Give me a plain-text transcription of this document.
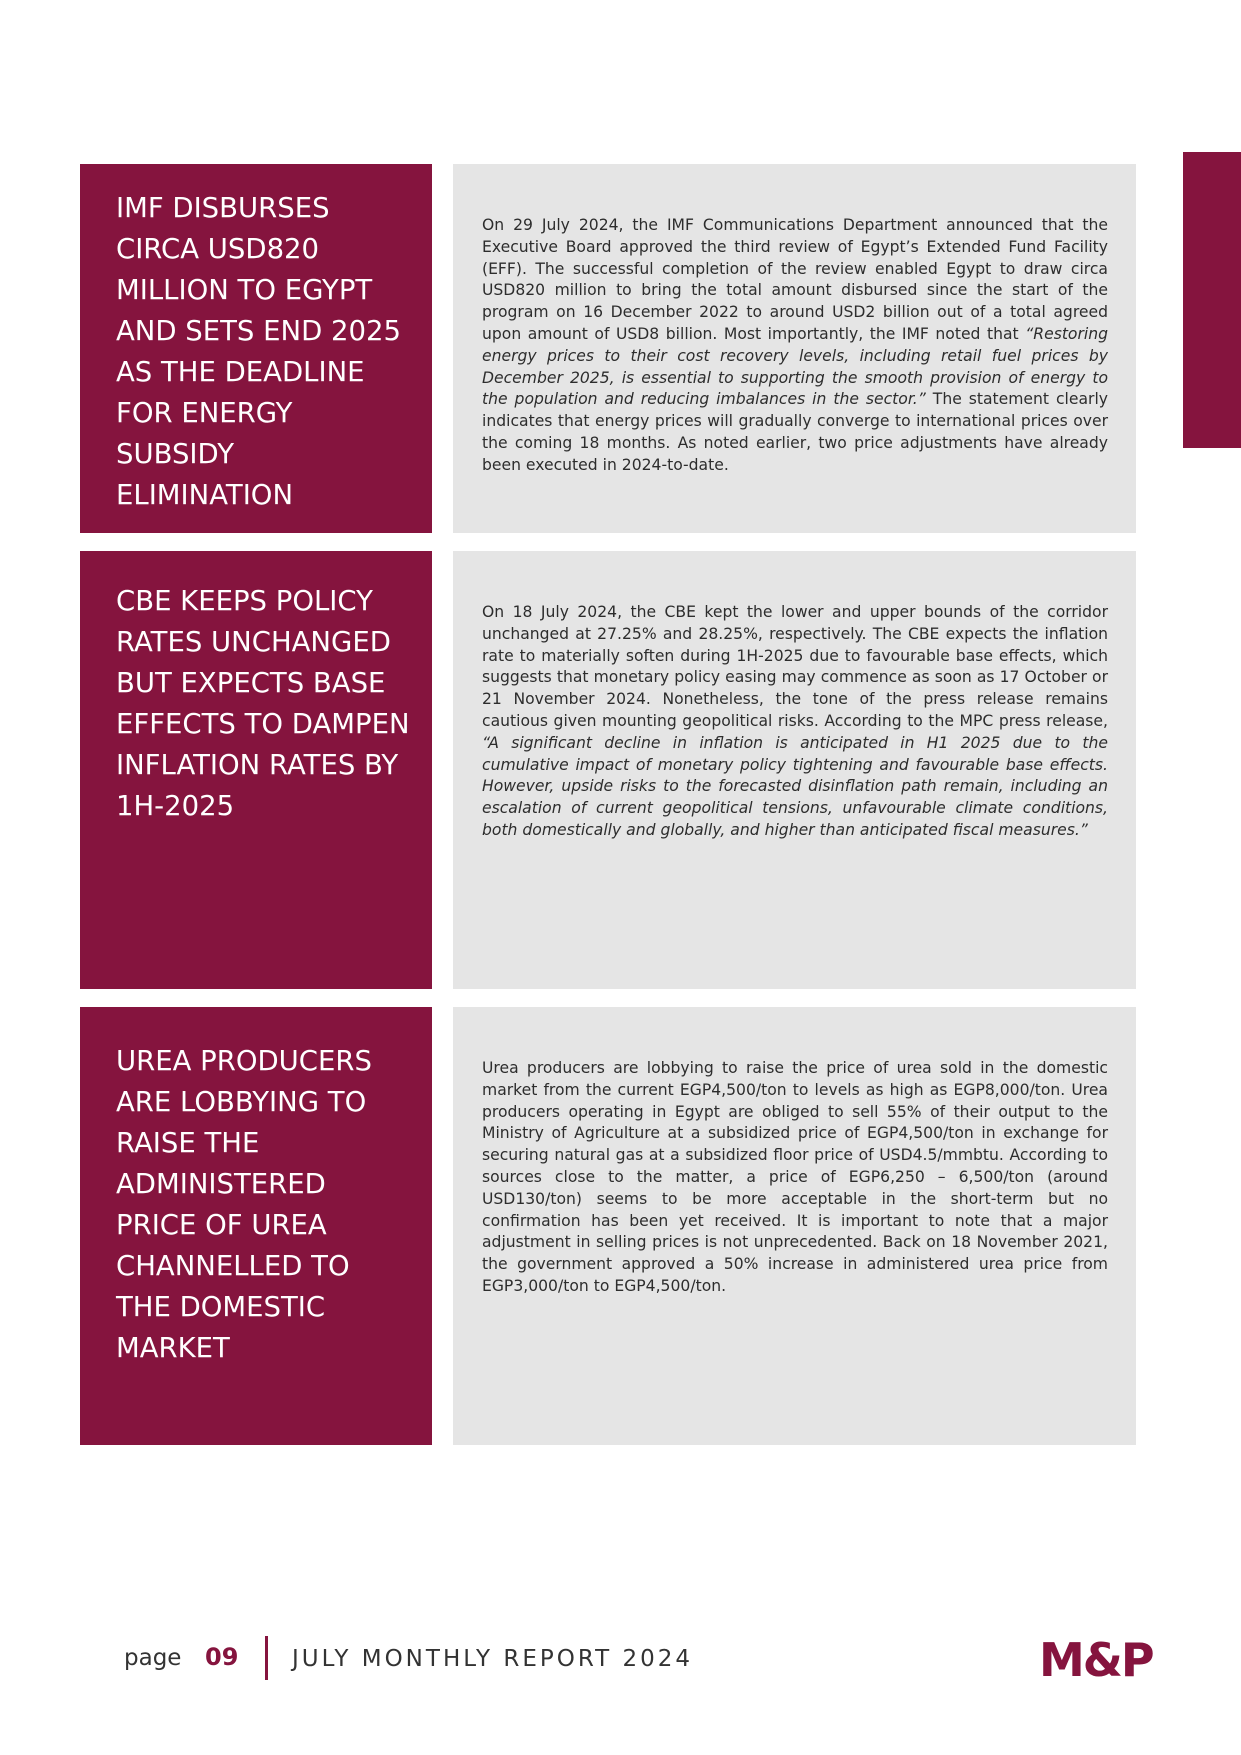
IMF DISBURSES CIRCA USD820 MILLION TO EGYPT AND SETS END 2025 AS THE DEADLINE FOR ENERGY SUBSIDY ELIMINATION
On 29 July 2024, the IMF Communications Department announced that the Executive Board approved the third review of Egypt’s Extended Fund Facility (EFF). The successful completion of the review enabled Egypt to draw circa USD820 million to bring the total amount disbursed since the start of the program on 16 December 2022 to around USD2 billion out of a total agreed upon amount of USD8 billion. Most importantly, the IMF noted that “Restoring energy prices to their cost recovery levels, including retail fuel prices by December 2025, is essential to supporting the smooth provision of energy to the population and reducing imbalances in the sector.” The statement clearly indicates that energy prices will gradually converge to international prices over the coming 18 months. As noted earlier, two price adjustments have already been executed in 2024-to-date.
CBE KEEPS POLICY RATES UNCHANGED BUT EXPECTS BASE EFFECTS TO DAMPEN INFLATION RATES BY 1H-2025
On 18 July 2024, the CBE kept the lower and upper bounds of the corridor unchanged at 27.25% and 28.25%, respectively. The CBE expects the inflation rate to materially soften during 1H-2025 due to favourable base effects, which suggests that monetary policy easing may commence as soon as 17 October or 21 November 2024. Nonetheless, the tone of the press release remains cautious given mounting geopolitical risks. According to the MPC press release, “A significant decline in inflation is anticipated in H1 2025 due to the cumulative impact of monetary policy tightening and favourable base effects. However, upside risks to the forecasted disinflation path remain, including an escalation of current geopolitical tensions, unfavourable climate conditions, both domestically and globally, and higher than anticipated fiscal measures.”
UREA PRODUCERS ARE LOBBYING TO RAISE THE ADMINISTERED PRICE OF UREA CHANNELLED TO THE DOMESTIC MARKET
Urea producers are lobbying to raise the price of urea sold in the domestic market from the current EGP4,500/ton to levels as high as EGP8,000/ton. Urea producers operating in Egypt are obliged to sell 55% of their output to the Ministry of Agriculture at a subsidized price of EGP4,500/ton in exchange for securing natural gas at a subsidized floor price of USD4.5/mmbtu. According to sources close to the matter, a price of EGP6,250 – 6,500/ton (around USD130/ton) seems to be more acceptable in the short-term but no confirmation has been yet received. It is important to note that a major adjustment in selling prices is not unprecedented. Back on 18 November 2021, the government approved a 50% increase in administered urea price from EGP3,000/ton to EGP4,500/ton.
page 09 JULY MONTHLY REPORT 2024	M&P
